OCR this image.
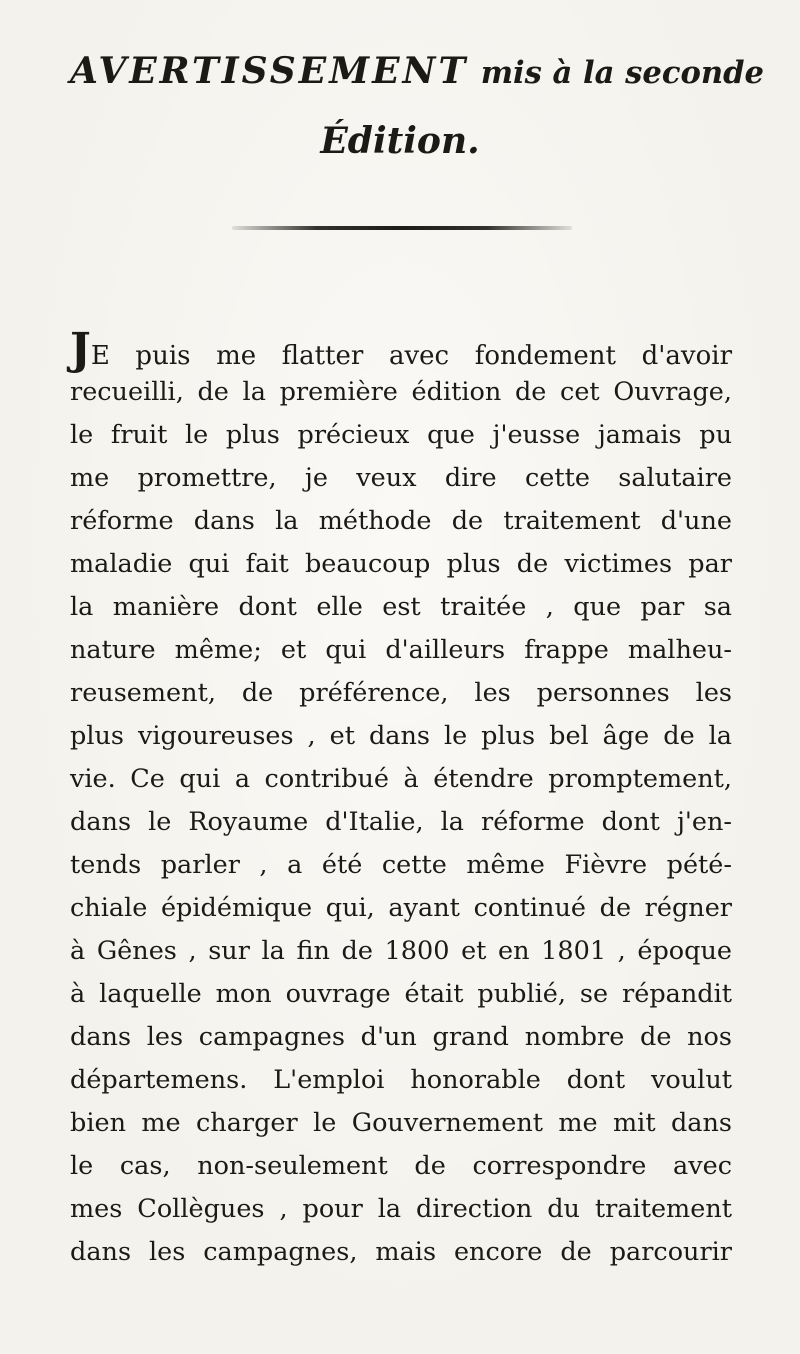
AVERTISSEMENT mis à la seconde
Édition.
JE puis me flatter avec fondement d'avoir
recueilli, de la première édition de cet Ouvrage,
le fruit le plus précieux que j'eusse jamais pu
me promettre, je veux dire cette salutaire
réforme dans la méthode de traitement d'une
maladie qui fait beaucoup plus de victimes par
la manière dont elle est traitée , que par sa
nature même; et qui d'ailleurs frappe malheu-
reusement, de préférence, les personnes les
plus vigoureuses , et dans le plus bel âge de la
vie. Ce qui a contribué à étendre promptement,
dans le Royaume d'Italie, la réforme dont j'en-
tends parler , a été cette même Fièvre pété-
chiale épidémique qui, ayant continué de régner
à Gênes , sur la fin de 1800 et en 1801 , époque
à laquelle mon ouvrage était publié, se répandit
dans les campagnes d'un grand nombre de nos
départemens. L'emploi honorable dont voulut
bien me charger le Gouvernement me mit dans
le cas, non-seulement de correspondre avec
mes Collègues , pour la direction du traitement
dans les campagnes, mais encore de parcourir
